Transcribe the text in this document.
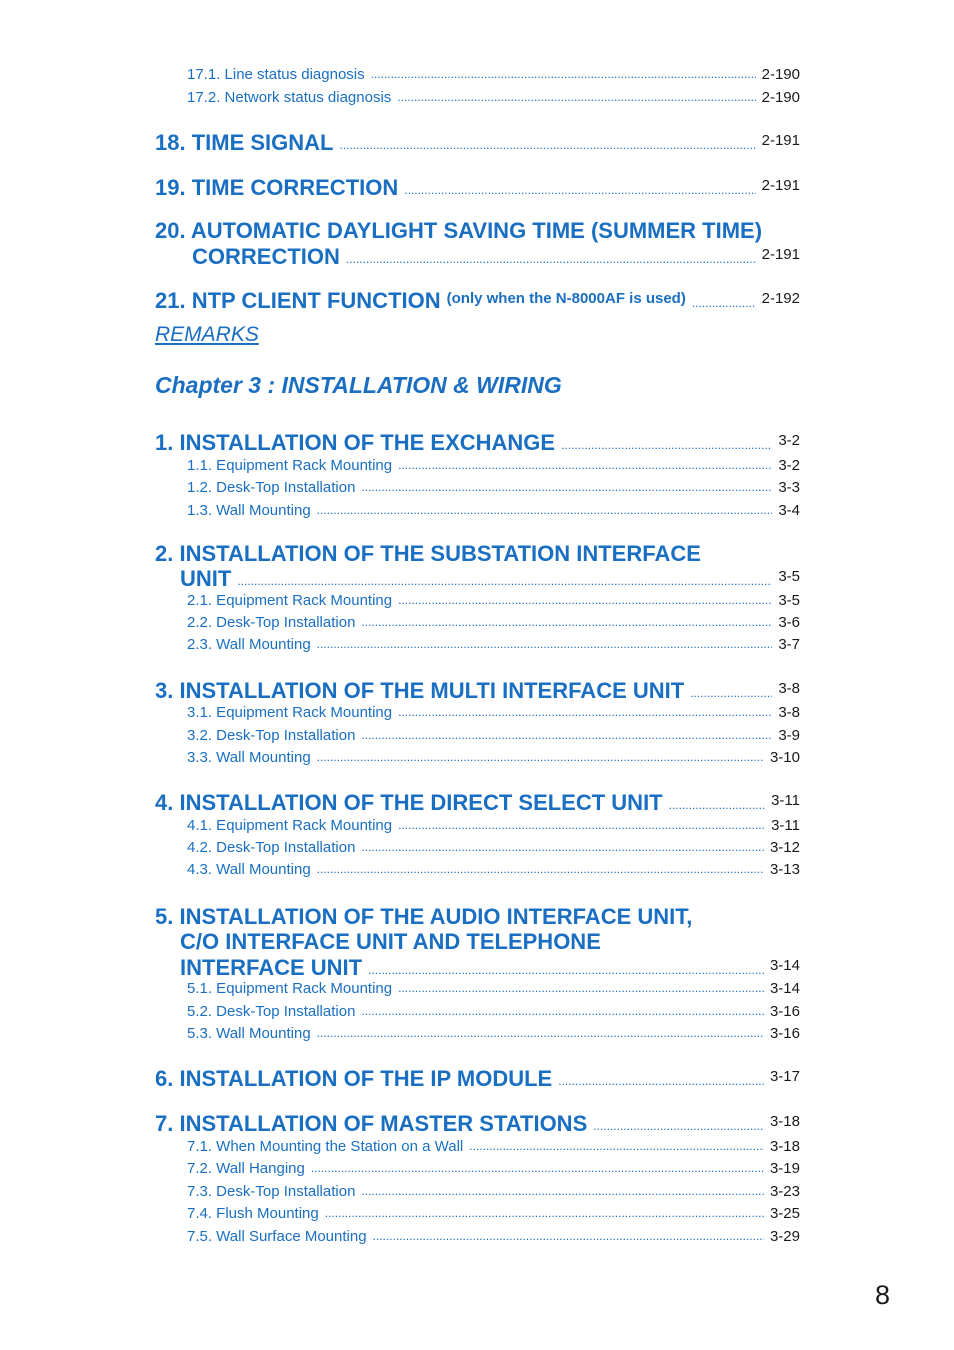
17.1. Line status diagnosis .....	2-190
17.2. Network status diagnosis .....	2-190
18. TIME SIGNAL .....	2-191
19. TIME CORRECTION .....	2-191
20. AUTOMATIC DAYLIGHT SAVING TIME (SUMMER TIME)
CORRECTION .....	2-191
21. NTP CLIENT FUNCTION (only when the N-8000AF is used) .....	2-192
REMARKS
Chapter 3 : INSTALLATION & WIRING
1. INSTALLATION OF THE EXCHANGE .....	3-2
1.1. Equipment Rack Mounting .....	3-2
1.2. Desk-Top Installation .....	3-3
1.3. Wall Mounting .....	3-4
2. INSTALLATION OF THE SUBSTATION INTERFACE
UNIT .....	3-5
2.1. Equipment Rack Mounting .....	3-5
2.2. Desk-Top Installation .....	3-6
2.3. Wall Mounting .....	3-7
3. INSTALLATION OF THE MULTI INTERFACE UNIT .....	3-8
3.1. Equipment Rack Mounting .....	3-8
3.2. Desk-Top Installation .....	3-9
3.3. Wall Mounting .....	3-10
4. INSTALLATION OF THE DIRECT SELECT UNIT .....	3-11
4.1. Equipment Rack Mounting .....	3-11
4.2. Desk-Top Installation .....	3-12
4.3. Wall Mounting .....	3-13
5. INSTALLATION OF THE AUDIO INTERFACE UNIT,
C/O INTERFACE UNIT AND TELEPHONE
INTERFACE UNIT .....	3-14
5.1. Equipment Rack Mounting .....	3-14
5.2. Desk-Top Installation .....	3-16
5.3. Wall Mounting .....	3-16
6. INSTALLATION OF THE IP MODULE .....	3-17
7. INSTALLATION OF MASTER STATIONS .....	3-18
7.1. When Mounting the Station on a Wall .....	3-18
7.2. Wall Hanging .....	3-19
7.3. Desk-Top Installation .....	3-23
7.4. Flush Mounting .....	3-25
7.5. Wall Surface Mounting .....	3-29
8
